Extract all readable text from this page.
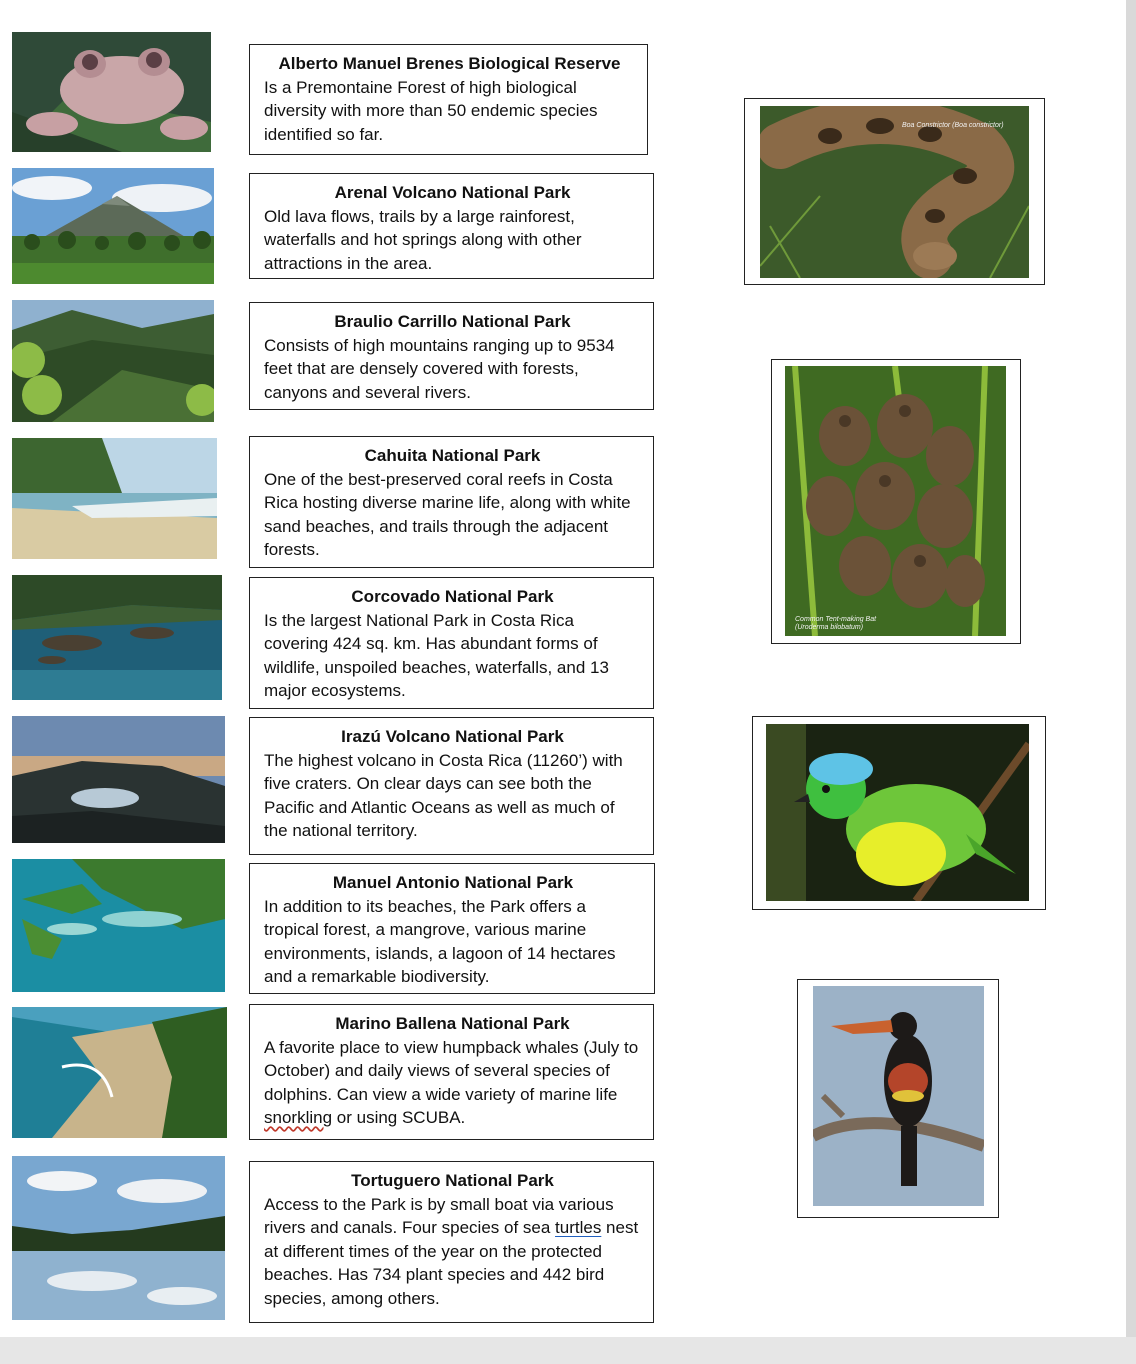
Alberto Manuel Brenes Biological Reserve
Is a Premontaine Forest of high biological diversity with more than 50 endemic species identified so far.
Arenal Volcano National Park
Old lava flows, trails by a large rainforest, waterfalls and hot springs along with other attractions in the area.
Braulio Carrillo National Park
Consists of high mountains ranging up to 9534 feet that are densely covered with forests, canyons and several rivers.
Cahuita National Park
One of the best-preserved coral reefs in Costa Rica hosting diverse marine life, along with white sand beaches, and trails through the adjacent forests.
Corcovado National Park
Is the largest National Park in Costa Rica covering 424 sq. km. Has abundant forms of wildlife, unspoiled beaches, waterfalls, and 13 major ecosystems.
Irazú Volcano National Park
The highest volcano in Costa Rica (11260’) with five craters. On clear days can see both the Pacific and Atlantic Oceans as well as much of the national territory.
Manuel Antonio National Park
In addition to its beaches, the Park offers a tropical forest, a mangrove, various marine environments, islands, a lagoon of 14 hectares and a remarkable biodiversity.
Marino Ballena National Park
A favorite place to view humpback whales (July to October) and daily views of several species of dolphins. Can view a wide variety of marine life snorkling or using SCUBA.
Tortuguero National Park
Access to the Park is by small boat via various rivers and canals. Four species of sea turtles nest at different times of the year on the protected beaches. Has 734 plant species and 442 bird species, among others.
Boa Constrictor (Boa constrictor)
Common Tent-making Bat (Uroderma bilobatum)
